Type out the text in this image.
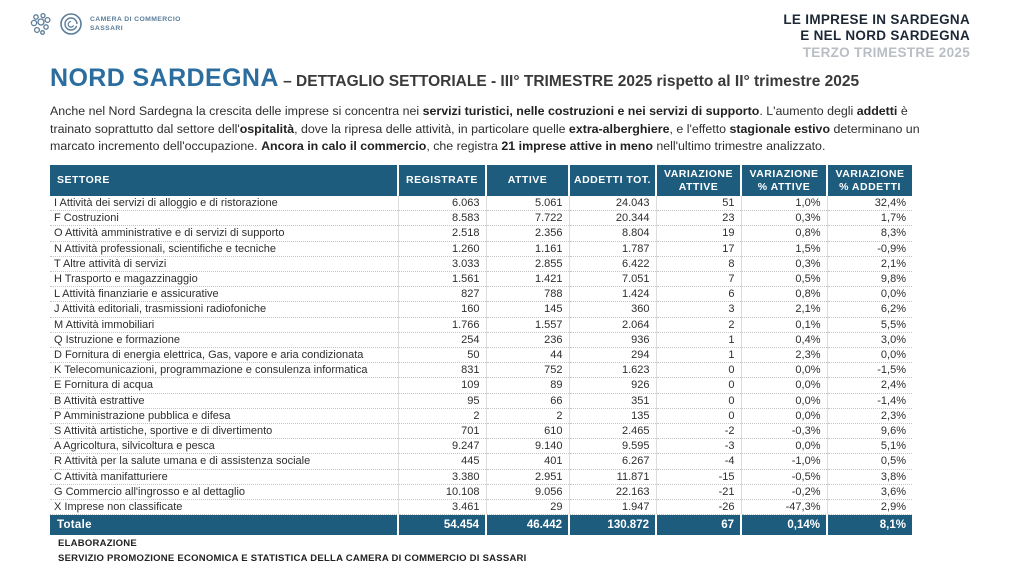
CAMERA DI COMMERCIO
SASSARI
LE IMPRESE IN SARDEGNA
E NEL NORD SARDEGNA
TERZO TRIMESTRE 2025
NORD SARDEGNA – DETTAGLIO SETTORIALE - III° TRIMESTRE 2025 rispetto al II° trimestre 2025

Anche nel Nord Sardegna la crescita delle imprese si concentra nei servizi turistici, nelle costruzioni e nei servizi di supporto. L'aumento degli addetti è trainato soprattutto dal settore dell'ospitalità, dove la ripresa delle attività, in particolare quelle extra-alberghiere, e l'effetto stagionale estivo determinano un marcato incremento dell'occupazione. Ancora in calo il commercio, che registra 21 imprese attive in meno nell'ultimo trimestre analizzato.

SETTORE	REGISTRATE	ATTIVE	ADDETTI TOT.	VARIAZIONE ATTIVE	VARIAZIONE % ATTIVE	VARIAZIONE % ADDETTI
I Attività dei servizi di alloggio e di ristorazione	6.063	5.061	24.043	51	1,0%	32,4%
F Costruzioni	8.583	7.722	20.344	23	0,3%	1,7%
O Attività amministrative e di servizi di supporto	2.518	2.356	8.804	19	0,8%	8,3%
N Attività professionali, scientifiche e tecniche	1.260	1.161	1.787	17	1,5%	-0,9%
T Altre attività di servizi	3.033	2.855	6.422	8	0,3%	2,1%
H Trasporto e magazzinaggio	1.561	1.421	7.051	7	0,5%	9,8%
L Attività finanziarie e assicurative	827	788	1.424	6	0,8%	0,0%
J Attività editoriali, trasmissioni radiofoniche	160	145	360	3	2,1%	6,2%
M Attività immobiliari	1.766	1.557	2.064	2	0,1%	5,5%
Q Istruzione e formazione	254	236	936	1	0,4%	3,0%
D Fornitura di energia elettrica, Gas, vapore e aria condizionata	50	44	294	1	2,3%	0,0%
K Telecomunicazioni, programmazione e consulenza informatica	831	752	1.623	0	0,0%	-1,5%
E Fornitura di acqua	109	89	926	0	0,0%	2,4%
B Attività estrattive	95	66	351	0	0,0%	-1,4%
P Amministrazione pubblica e difesa	2	2	135	0	0,0%	2,3%
S Attività artistiche, sportive e di divertimento	701	610	2.465	-2	-0,3%	9,6%
A Agricoltura, silvicoltura e pesca	9.247	9.140	9.595	-3	0,0%	5,1%
R Attività per la salute umana e di assistenza sociale	445	401	6.267	-4	-1,0%	0,5%
C Attività manifatturiere	3.380	2.951	11.871	-15	-0,5%	3,8%
G Commercio all'ingrosso e al dettaglio	10.108	9.056	22.163	-21	-0,2%	3,6%
X Imprese non classificate	3.461	29	1.947	-26	-47,3%	2,9%
Totale	54.454	46.442	130.872	67	0,14%	8,1%
ELABORAZIONE
SERVIZIO PROMOZIONE ECONOMICA E STATISTICA DELLA CAMERA DI COMMERCIO DI SASSARI
